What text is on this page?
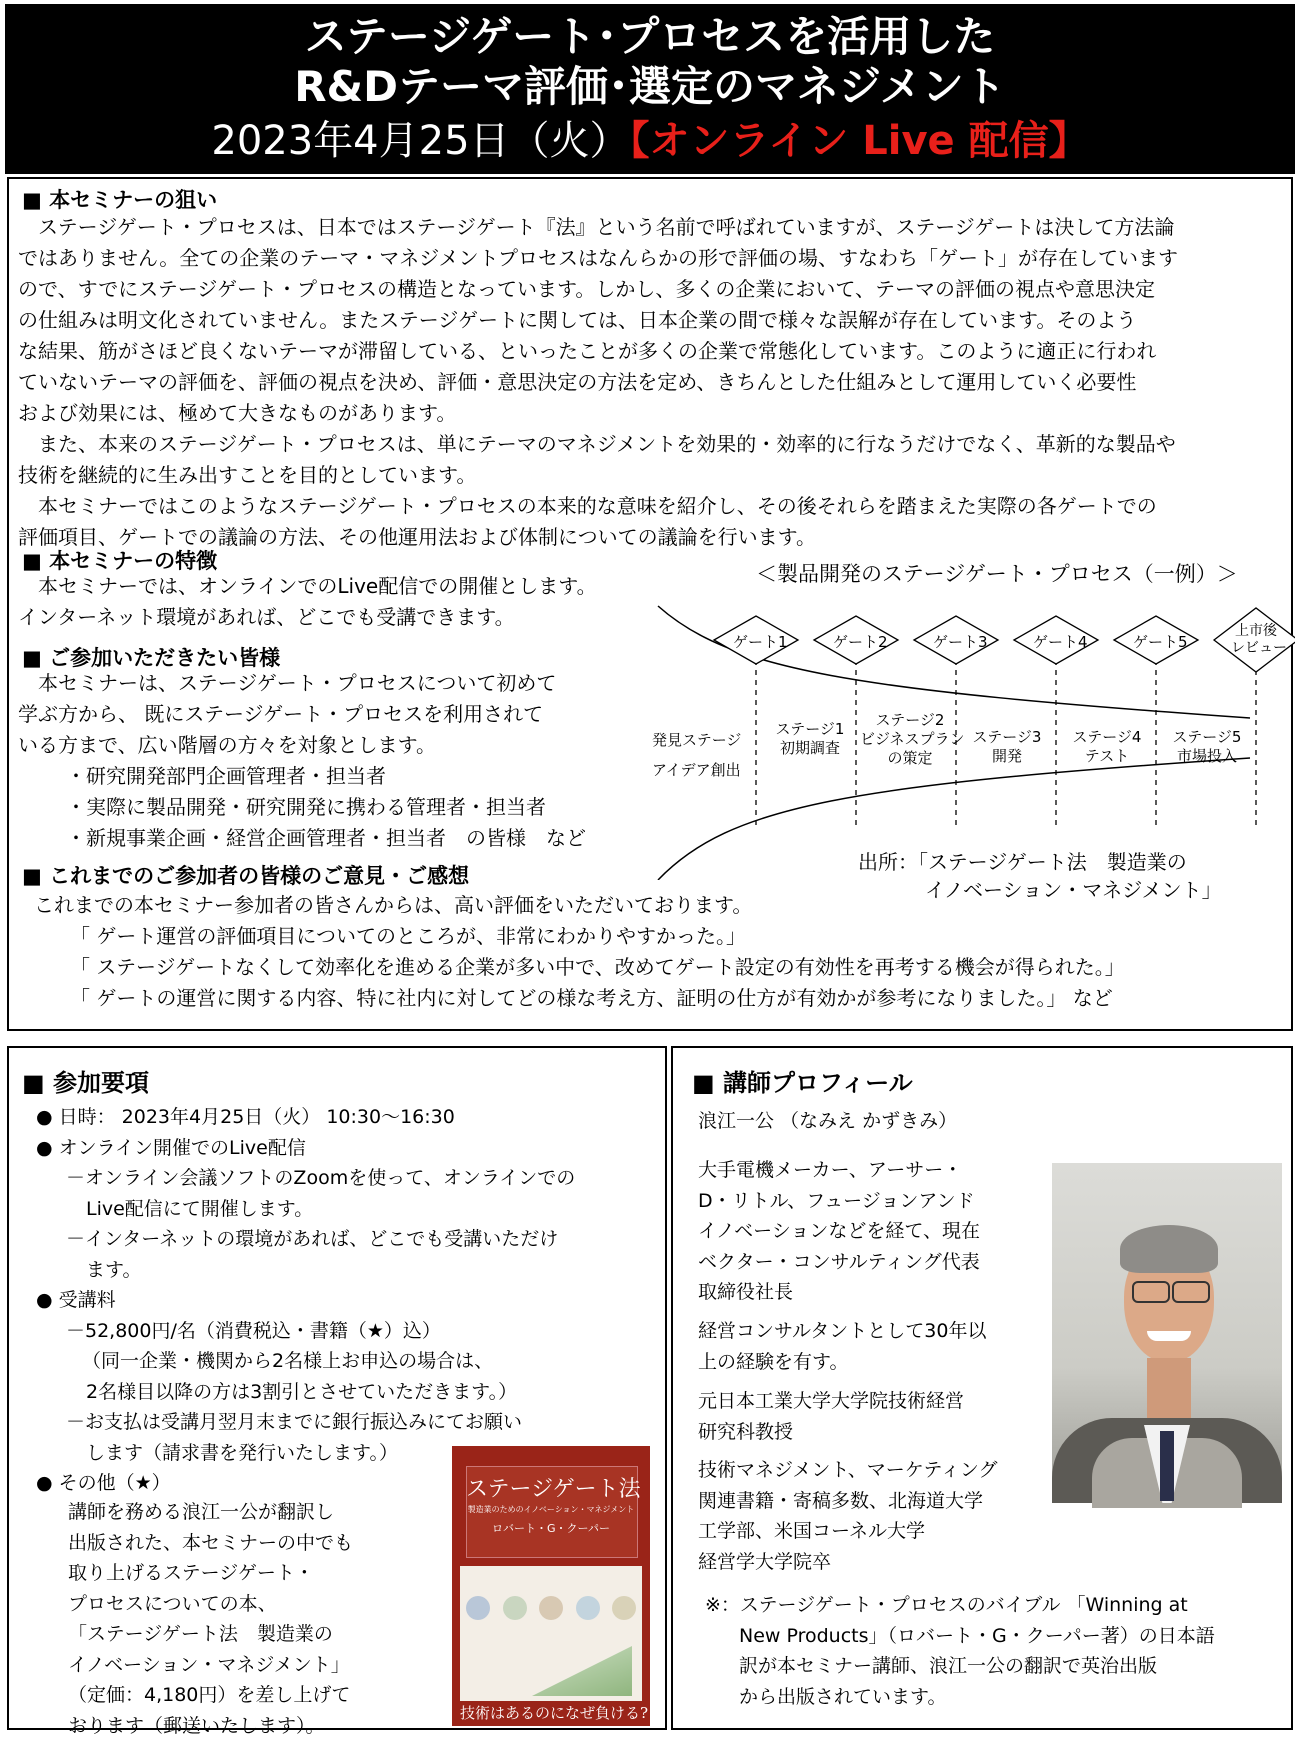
ステージゲート･プロセスを活用した
R&Dテーマ評価･選定のマネジメント
2023年4月25日（火）【オンライン Live 配信】
■ 本セミナーの狙い
　ステージゲート・プロセスは、日本ではステージゲート『法』という名前で呼ばれていますが、ステージゲートは決して方法論
ではありません。全ての企業のテーマ・マネジメントプロセスはなんらかの形で評価の場、すなわち「ゲート」が存在しています
ので、すでにステージゲート・プロセスの構造となっています。しかし、多くの企業において、テーマの評価の視点や意思決定
の仕組みは明文化されていません。またステージゲートに関しては、日本企業の間で様々な誤解が存在しています。そのよう
な結果、筋がさほど良くないテーマが滞留している、といったことが多くの企業で常態化しています。このように適正に行われ
ていないテーマの評価を、評価の視点を決め、評価・意思決定の方法を定め、きちんとした仕組みとして運用していく必要性
および効果には、極めて大きなものがあります。
　また、本来のステージゲート・プロセスは、単にテーマのマネジメントを効果的・効率的に行なうだけでなく、革新的な製品や
技術を継続的に生み出すことを目的としています。
　本セミナーではこのようなステージゲート・プロセスの本来的な意味を紹介し、その後それらを踏まえた実際の各ゲートでの
評価項目、ゲートでの議論の方法、その他運用法および体制についての議論を行います。
■ 本セミナーの特徴
　本セミナーでは、オンラインでのLive配信での開催とします。
インターネット環境があれば、どこでも受講できます。
■ ご参加いただきたい皆様
　本セミナーは、ステージゲート・プロセスについて初めて
学ぶ方から、 既にステージゲート・プロセスを利用されて
いる方まで、広い階層の方々を対象とします。
・研究開発部門企画管理者・担当者
・実際に製品開発・研究開発に携わる管理者・担当者
・新規事業企画・経営企画管理者・担当者　の皆様　など
■ これまでのご参加者の皆様のご意見・ご感想
これまでの本セミナー参加者の皆さんからは、高い評価をいただいております。
「 ゲート運営の評価項目についてのところが、非常にわかりやすかった。」
「 ステージゲートなくして効率化を進める企業が多い中で、改めてゲート設定の有効性を再考する機会が得られた。」
「 ゲートの運営に関する内容、特に社内に対してどの様な考え方、証明の仕方が有効かが参考になりました。」 など
＜製品開発のステージゲート・プロセス（一例）＞
ゲート1	ゲート2	ゲート3	ゲート4	ゲート5
上市後
レビュー
発見ステージ
アイデア創出
ステージ1
初期調査
ステージ2
ビジネスプラン
の策定
ステージ3
開発
ステージ4
テスト
ステージ5
市場投入
出所：「ステージゲート法　製造業の
イノベーション・マネジメント」
■ 参加要項
● 日時： 2023年4月25日（火） 10:30～16:30
● オンライン開催でのLive配信
－オンライン会議ソフトのZoomを使って、オンラインでの
Live配信にて開催します。
－インターネットの環境があれば、どこでも受講いただけ
ます。
● 受講料
－52,800円/名（消費税込・書籍（★）込）
（同一企業・機関から2名様上お申込の場合は、
2名様目以降の方は3割引とさせていただきます。）
－お支払は受講月翌月末までに銀行振込みにてお願い
します（請求書を発行いたします。）
● その他（★）
講師を務める浪江一公が翻訳し
出版された、本セミナーの中でも
取り上げるステージゲート・
プロセスについての本、
「ステージゲート法　製造業の
イノベーション・マネジメント」
（定価：4,180円）を差し上げて
おります（郵送いたします）。
ステージゲート法
製造業のためのイノベーション・マネジメント
ロバート・G・クーパー
技術はあるのになぜ負ける?
■ 講師プロフィール
浪江一公 （なみえ かずきみ）
大手電機メーカー、アーサー・
D・リトル、フュージョンアンド
イノベーションなどを経て、現在
ベクター・コンサルティング代表
取締役社長
経営コンサルタントとして30年以
上の経験を有す。
元日本工業大学大学院技術経営
研究科教授
技術マネジメント、マーケティング
関連書籍・寄稿多数、北海道大学
工学部、米国コーネル大学
経営学大学院卒
※：ステージゲート・プロセスのバイブル 「Winning at
New Products」（ロバート・G・クーパー著）の日本語
訳が本セミナー講師、浪江一公の翻訳で英治出版
から出版されています。
